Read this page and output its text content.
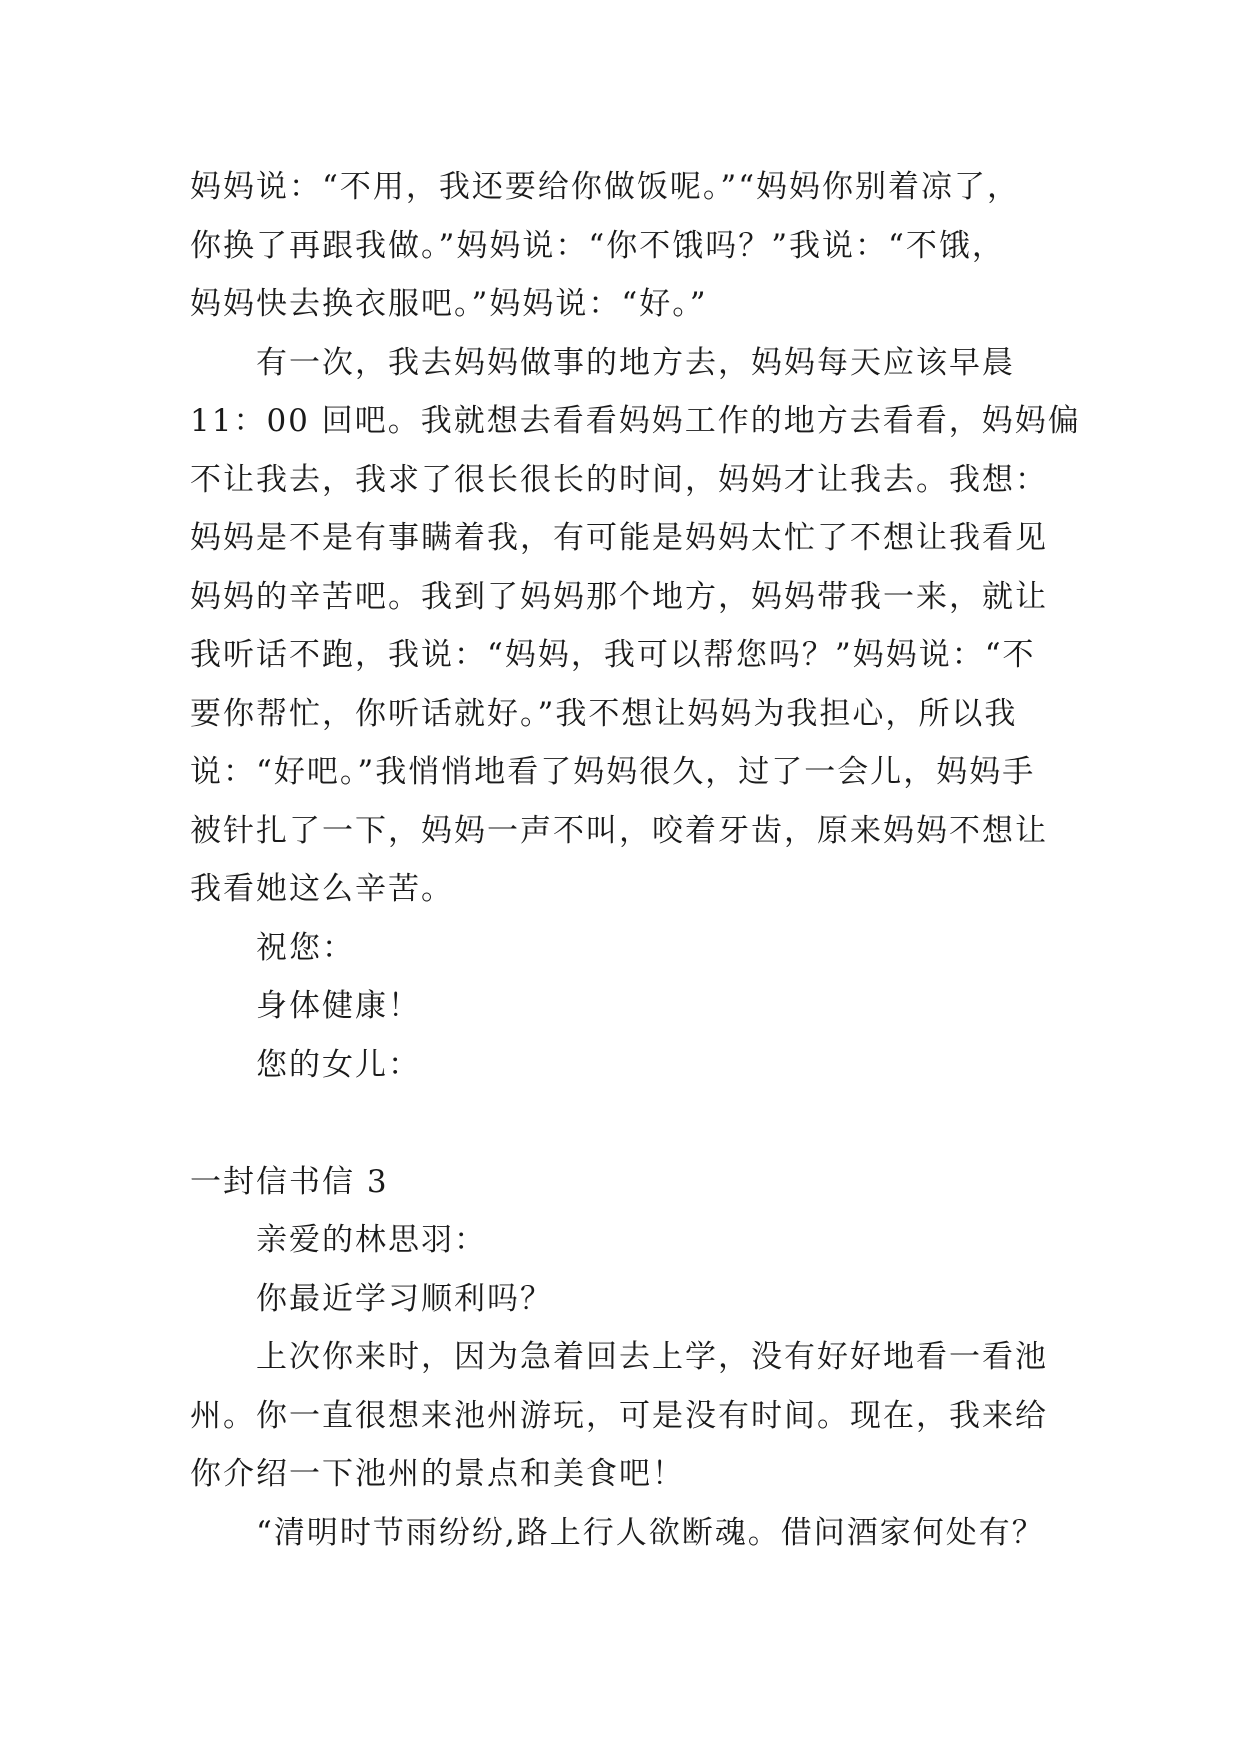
妈妈说：“不用，我还要给你做饭呢。”“妈妈你别着凉了，
你换了再跟我做。”妈妈说：“你不饿吗？”我说：“不饿，
妈妈快去换衣服吧。”妈妈说：“好。”
有一次，我去妈妈做事的地方去，妈妈每天应该早晨
11：00 回吧。我就想去看看妈妈工作的地方去看看，妈妈偏
不让我去，我求了很长很长的时间，妈妈才让我去。我想：
妈妈是不是有事瞒着我，有可能是妈妈太忙了不想让我看见
妈妈的辛苦吧。我到了妈妈那个地方，妈妈带我一来，就让
我听话不跑，我说：“妈妈，我可以帮您吗？”妈妈说：“不
要你帮忙，你听话就好。”我不想让妈妈为我担心，所以我
说：“好吧。”我悄悄地看了妈妈很久，过了一会儿，妈妈手
被针扎了一下，妈妈一声不叫，咬着牙齿，原来妈妈不想让
我看她这么辛苦。
祝您：
身体健康！
您的女儿：
一封信书信 3
亲爱的林思羽：
你最近学习顺利吗？
上次你来时，因为急着回去上学，没有好好地看一看池
州。你一直很想来池州游玩，可是没有时间。现在，我来给
你介绍一下池州的景点和美食吧！
“清明时节雨纷纷,路上行人欲断魂。借问酒家何处有？
